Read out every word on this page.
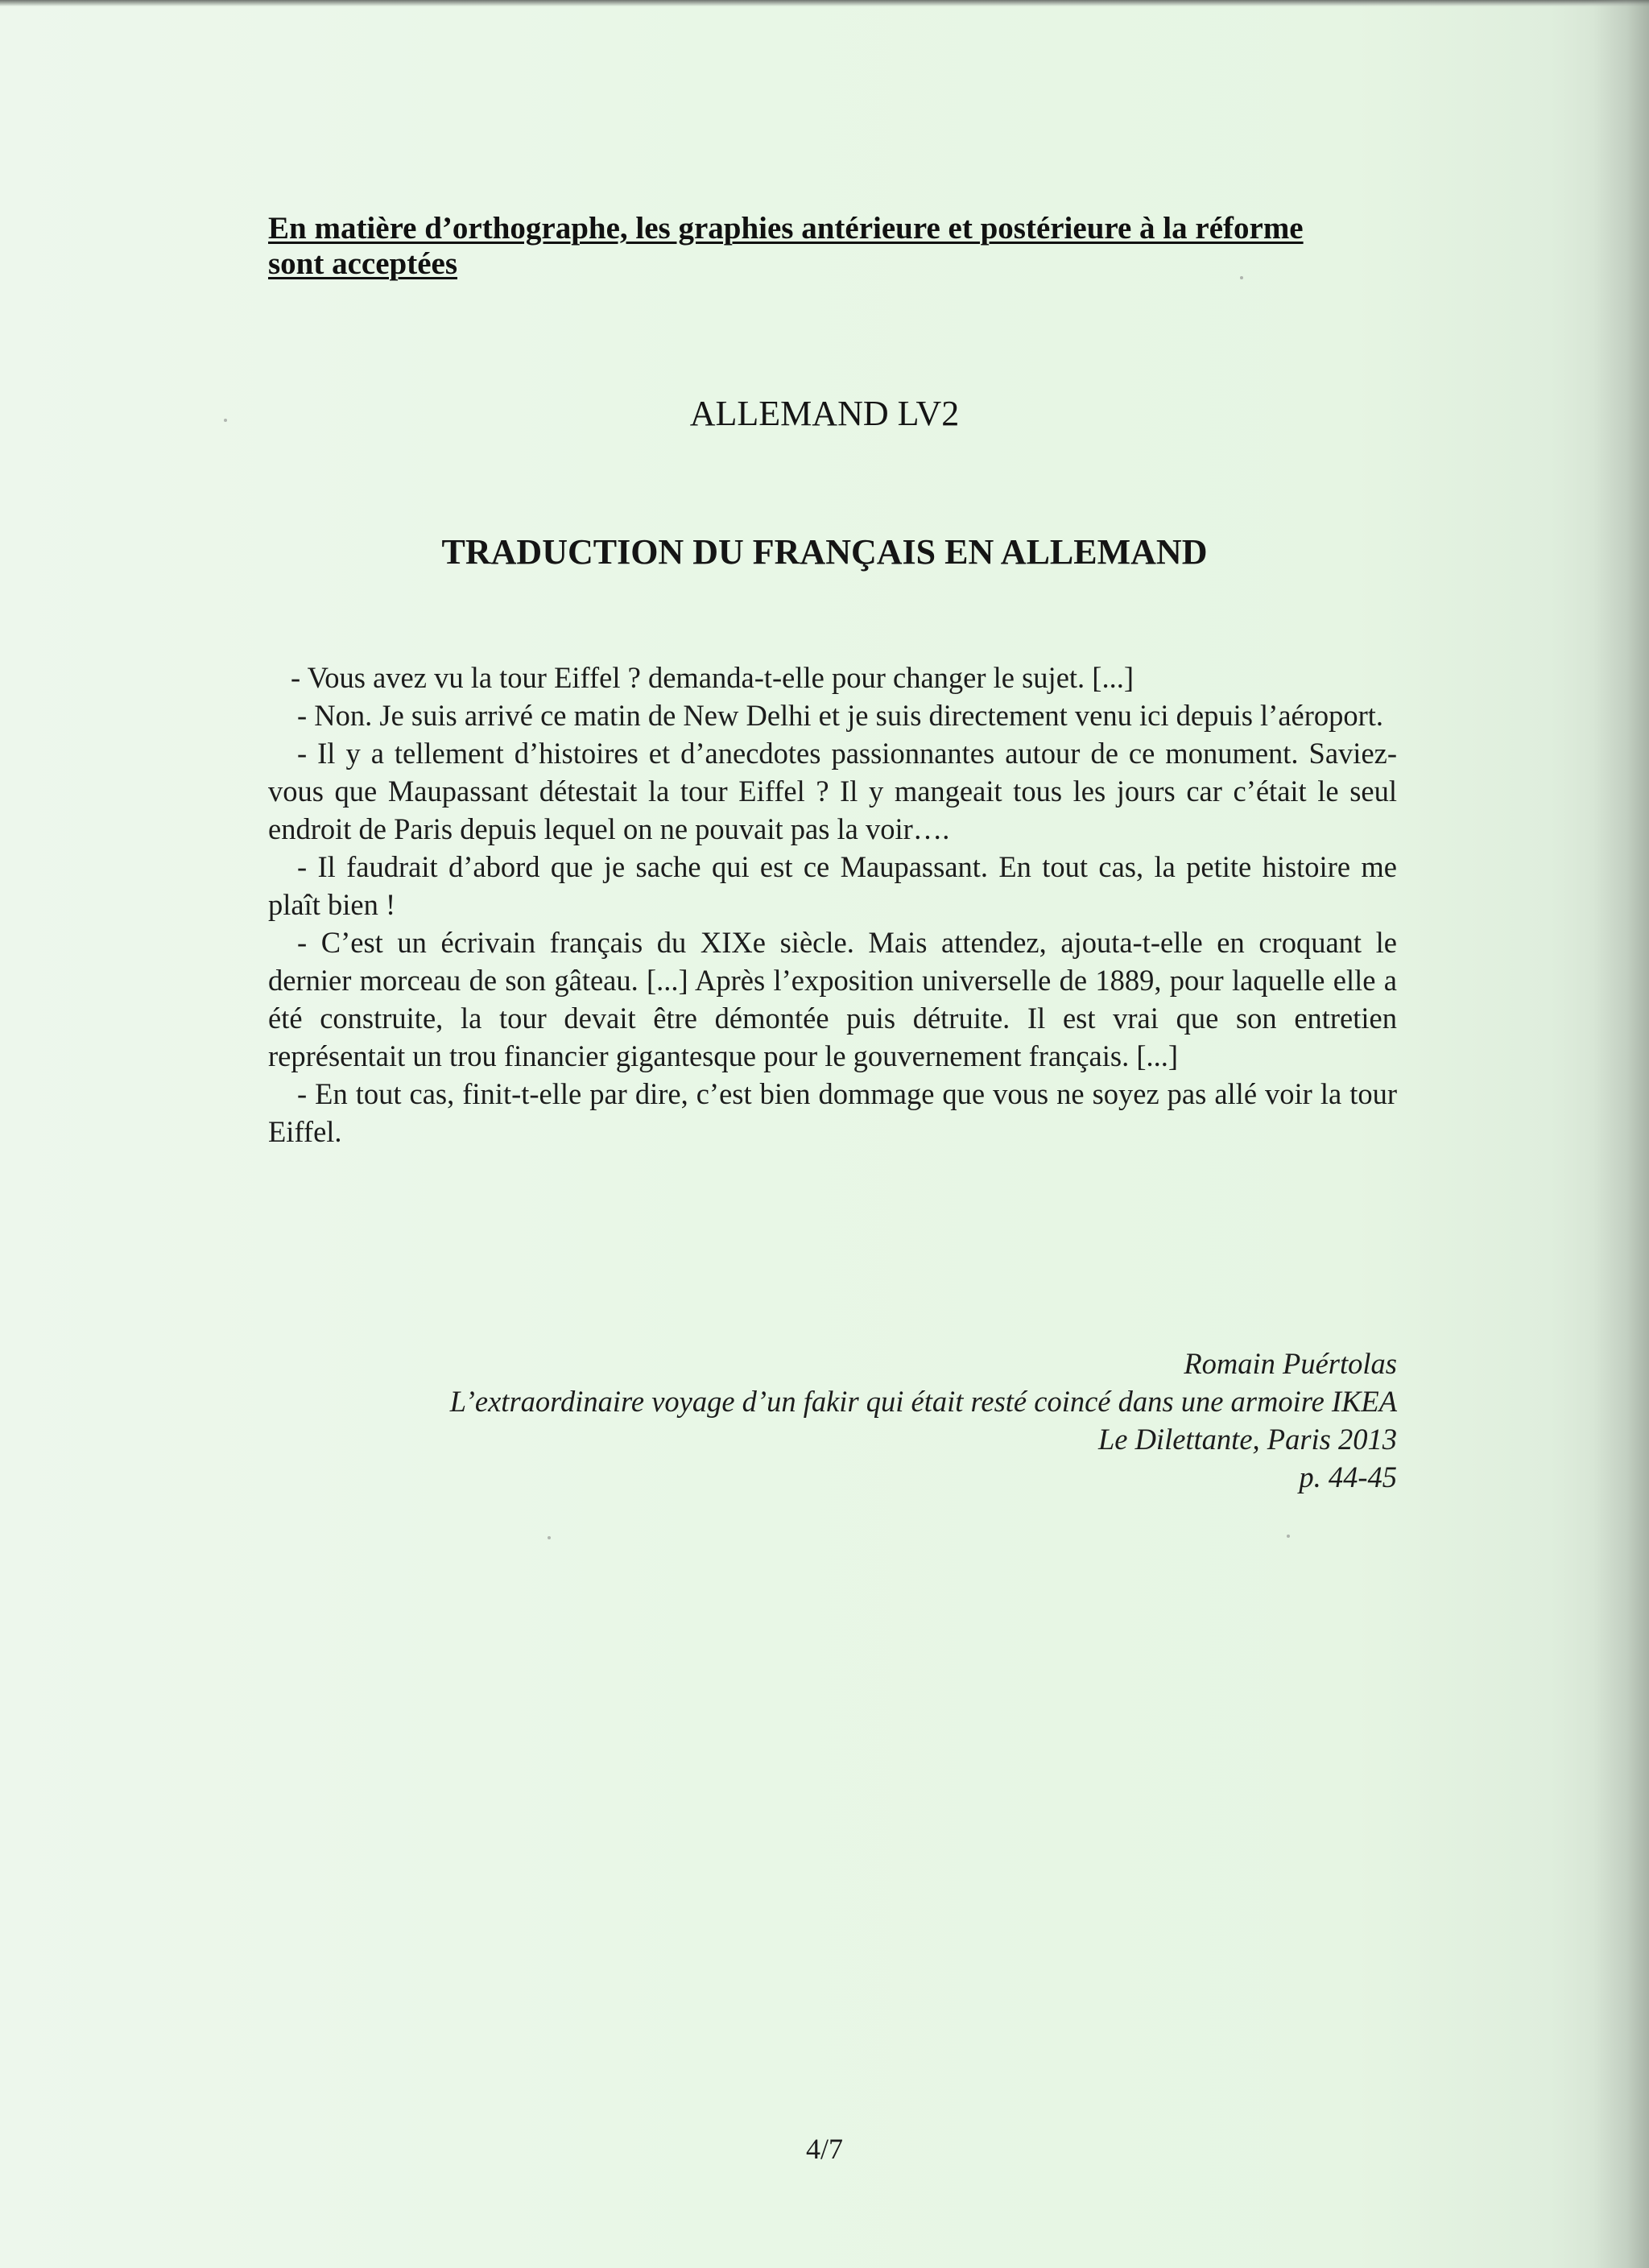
En matière d’orthographe, les graphies antérieure et postérieure à la réforme
sont acceptées
ALLEMAND LV2
TRADUCTION DU FRANÇAIS EN ALLEMAND

- Vous avez vu la tour Eiffel ? demanda-t-elle pour changer le sujet. [...]

- Non. Je suis arrivé ce matin de New Delhi et je suis directement venu ici depuis l’aéroport.

- Il y a tellement d’histoires et d’anecdotes passionnantes autour de ce monument. Saviez-vous que Maupassant détestait la tour Eiffel ? Il y mangeait tous les jours car c’était le seul endroit de Paris depuis lequel on ne pouvait pas la voir….

- Il faudrait d’abord que je sache qui est ce Maupassant. En tout cas, la petite histoire me plaît bien !

- C’est un écrivain français du XIXe siècle. Mais attendez, ajouta-t-elle en croquant le dernier morceau de son gâteau. [...] Après l’exposition universelle de 1889, pour laquelle elle a été construite, la tour devait être démontée puis détruite. Il est vrai que son entretien représentait un trou financier gigantesque pour le gouvernement français. [...]

- En tout cas, finit-t-elle par dire, c’est bien dommage que vous ne soyez pas allé voir la tour Eiffel.

Romain Puértolas
L’extraordinaire voyage d’un fakir qui était resté coincé dans une armoire IKEA
Le Dilettante, Paris 2013
p. 44-45
4/7
